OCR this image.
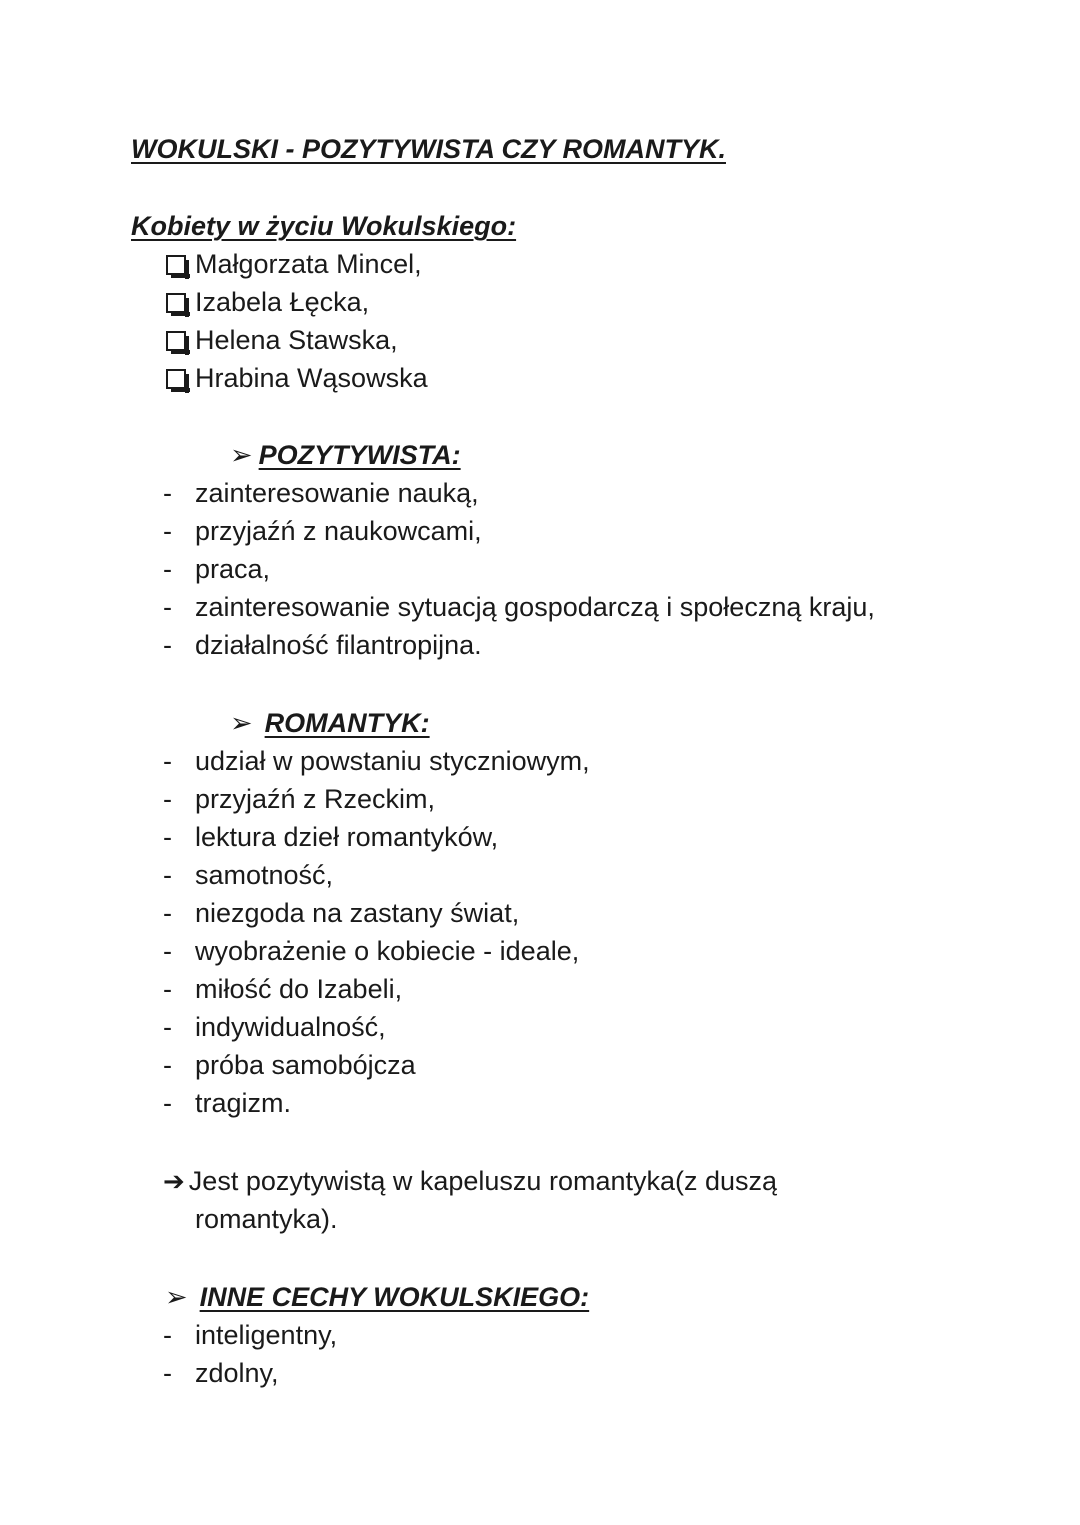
WOKULSKI - POZYTYWISTA CZY ROMANTYK.
Kobiety w życiu Wokulskiego:
Małgorzata Mincel,
Izabela Łęcka,
Helena Stawska,
Hrabina Wąsowska
➢ POZYTYWISTA:
- zainteresowanie nauką,
- przyjaźń z naukowcami,
- praca,
- zainteresowanie sytuacją gospodarczą i społeczną kraju,
- działalność filantropijna.
➢ ROMANTYK:
- udział w powstaniu styczniowym,
- przyjaźń z Rzeckim,
- lektura dzieł romantyków,
- samotność,
- niezgoda na zastany świat,
- wyobrażenie o kobiecie - ideale,
- miłość do Izabeli,
- indywidualność,
- próba samobójcza
- tragizm.
➔ Jest pozytywistą w kapeluszu romantyka(z duszą
romantyka).
➢ INNE CECHY WOKULSKIEGO:
- inteligentny,
- zdolny,
